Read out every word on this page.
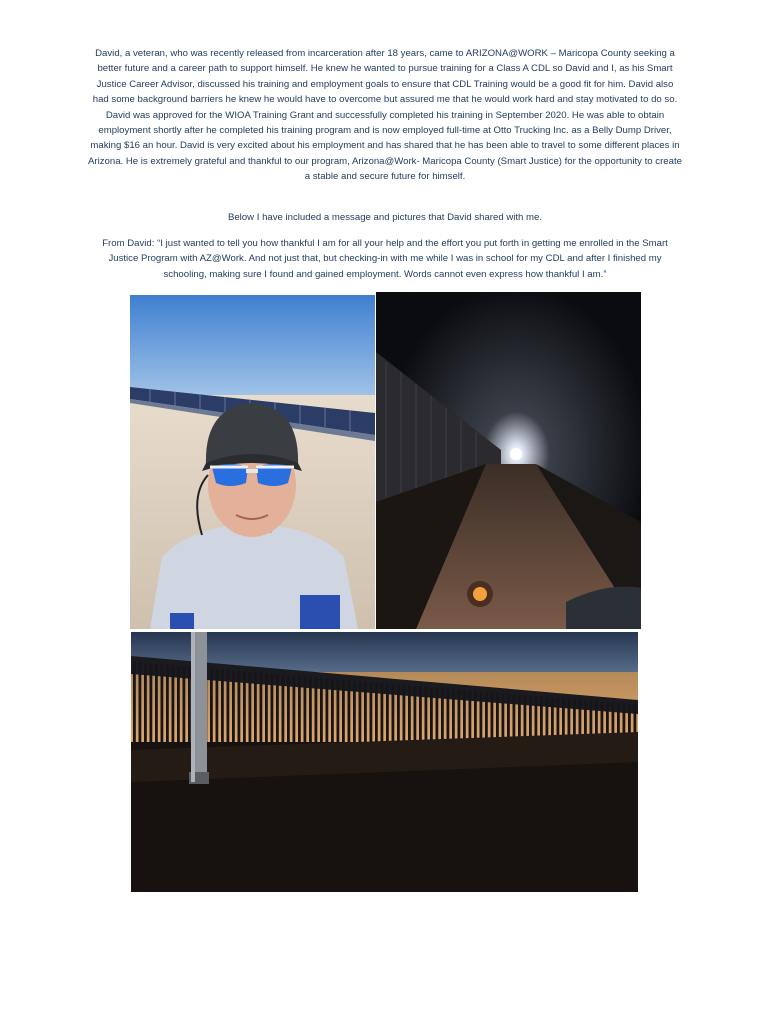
David, a veteran, who was recently released from incarceration after 18 years, came to ARIZONA@WORK – Maricopa County seeking a better future and a career path to support himself. He knew he wanted to pursue training for a Class A CDL so David and I, as his Smart Justice Career Advisor, discussed his training and employment goals to ensure that CDL Training would be a good fit for him. David also had some background barriers he knew he would have to overcome but assured me that he would work hard and stay motivated to do so. David was approved for the WIOA Training Grant and successfully completed his training in September 2020. He was able to obtain employment shortly after he completed his training program and is now employed full-time at Otto Trucking Inc. as a Belly Dump Driver, making $16 an hour. David is very excited about his employment and has shared that he has been able to travel to some different places in Arizona. He is extremely grateful and thankful to our program, Arizona@Work- Maricopa County (Smart Justice) for the opportunity to create a stable and secure future for himself.

Below I have included a message and pictures that David shared with me.

From David: “I just wanted to tell you how thankful I am for all your help and the effort you put forth in getting me enrolled in the Smart Justice Program with AZ@Work. And not just that, but checking-in with me while I was in school for my CDL and after I finished my schooling, making sure I found and gained employment. Words cannot even express how thankful I am.”
